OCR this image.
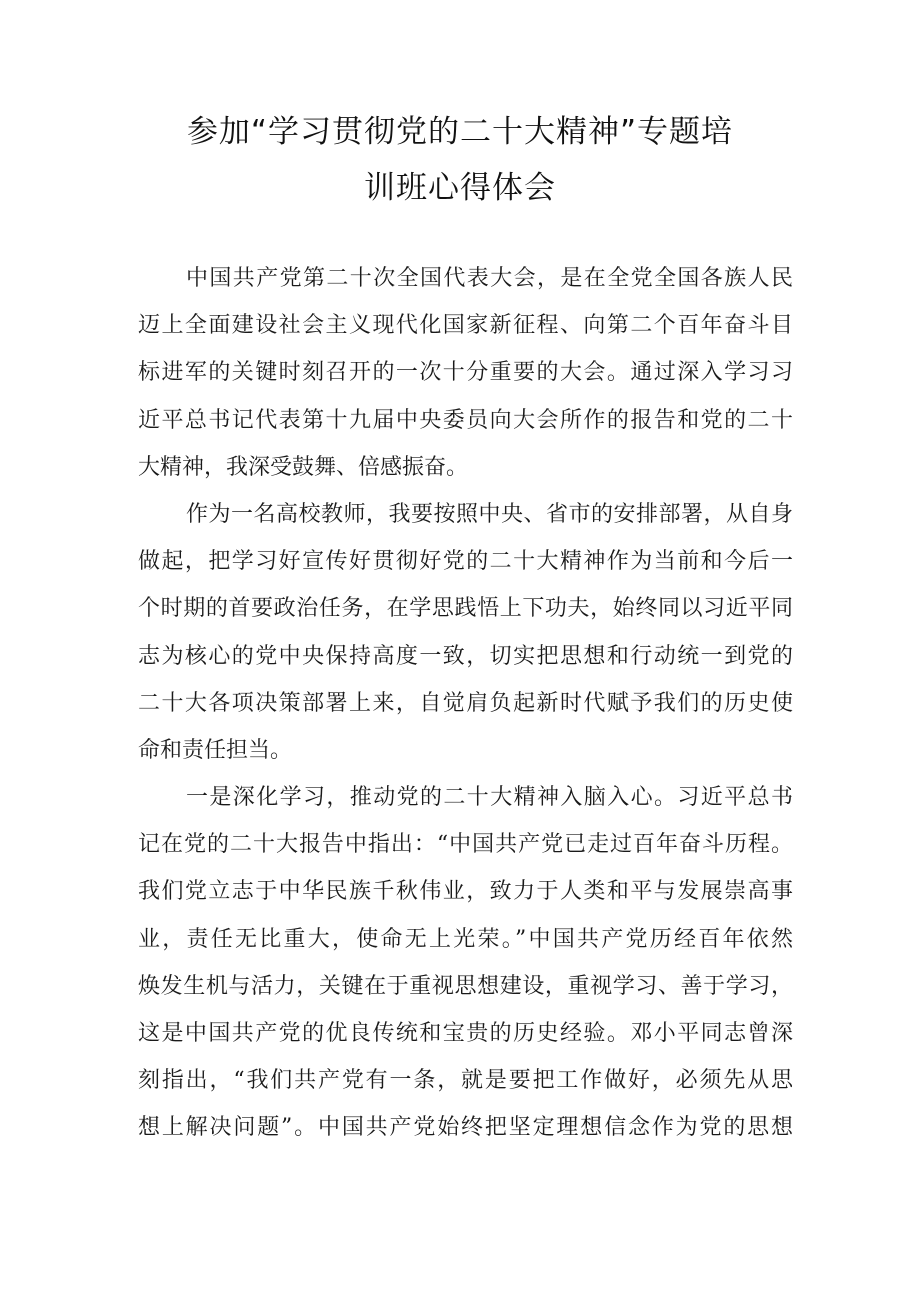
参加“学习贯彻党的二十大精神”专题培
训班心得体会
中国共产党第二十次全国代表大会，是在全党全国各族人民
迈上全面建设社会主义现代化国家新征程、向第二个百年奋斗目
标进军的关键时刻召开的一次十分重要的大会。通过深入学习习
近平总书记代表第十九届中央委员向大会所作的报告和党的二十
大精神，我深受鼓舞、倍感振奋。
作为一名高校教师，我要按照中央、省市的安排部署，从自身
做起，把学习好宣传好贯彻好党的二十大精神作为当前和今后一
个时期的首要政治任务，在学思践悟上下功夫，始终同以习近平同
志为核心的党中央保持高度一致，切实把思想和行动统一到党的
二十大各项决策部署上来，自觉肩负起新时代赋予我们的历史使
命和责任担当。
一是深化学习，推动党的二十大精神入脑入心。习近平总书
记在党的二十大报告中指出：“中国共产党已走过百年奋斗历程。
我们党立志于中华民族千秋伟业，致力于人类和平与发展崇高事
业，责任无比重大，使命无上光荣。”中国共产党历经百年依然
焕发生机与活力，关键在于重视思想建设，重视学习、善于学习，
这是中国共产党的优良传统和宝贵的历史经验。邓小平同志曾深
刻指出，“我们共产党有一条，就是要把工作做好，必须先从思
想上解决问题”。中国共产党始终把坚定理想信念作为党的思想
